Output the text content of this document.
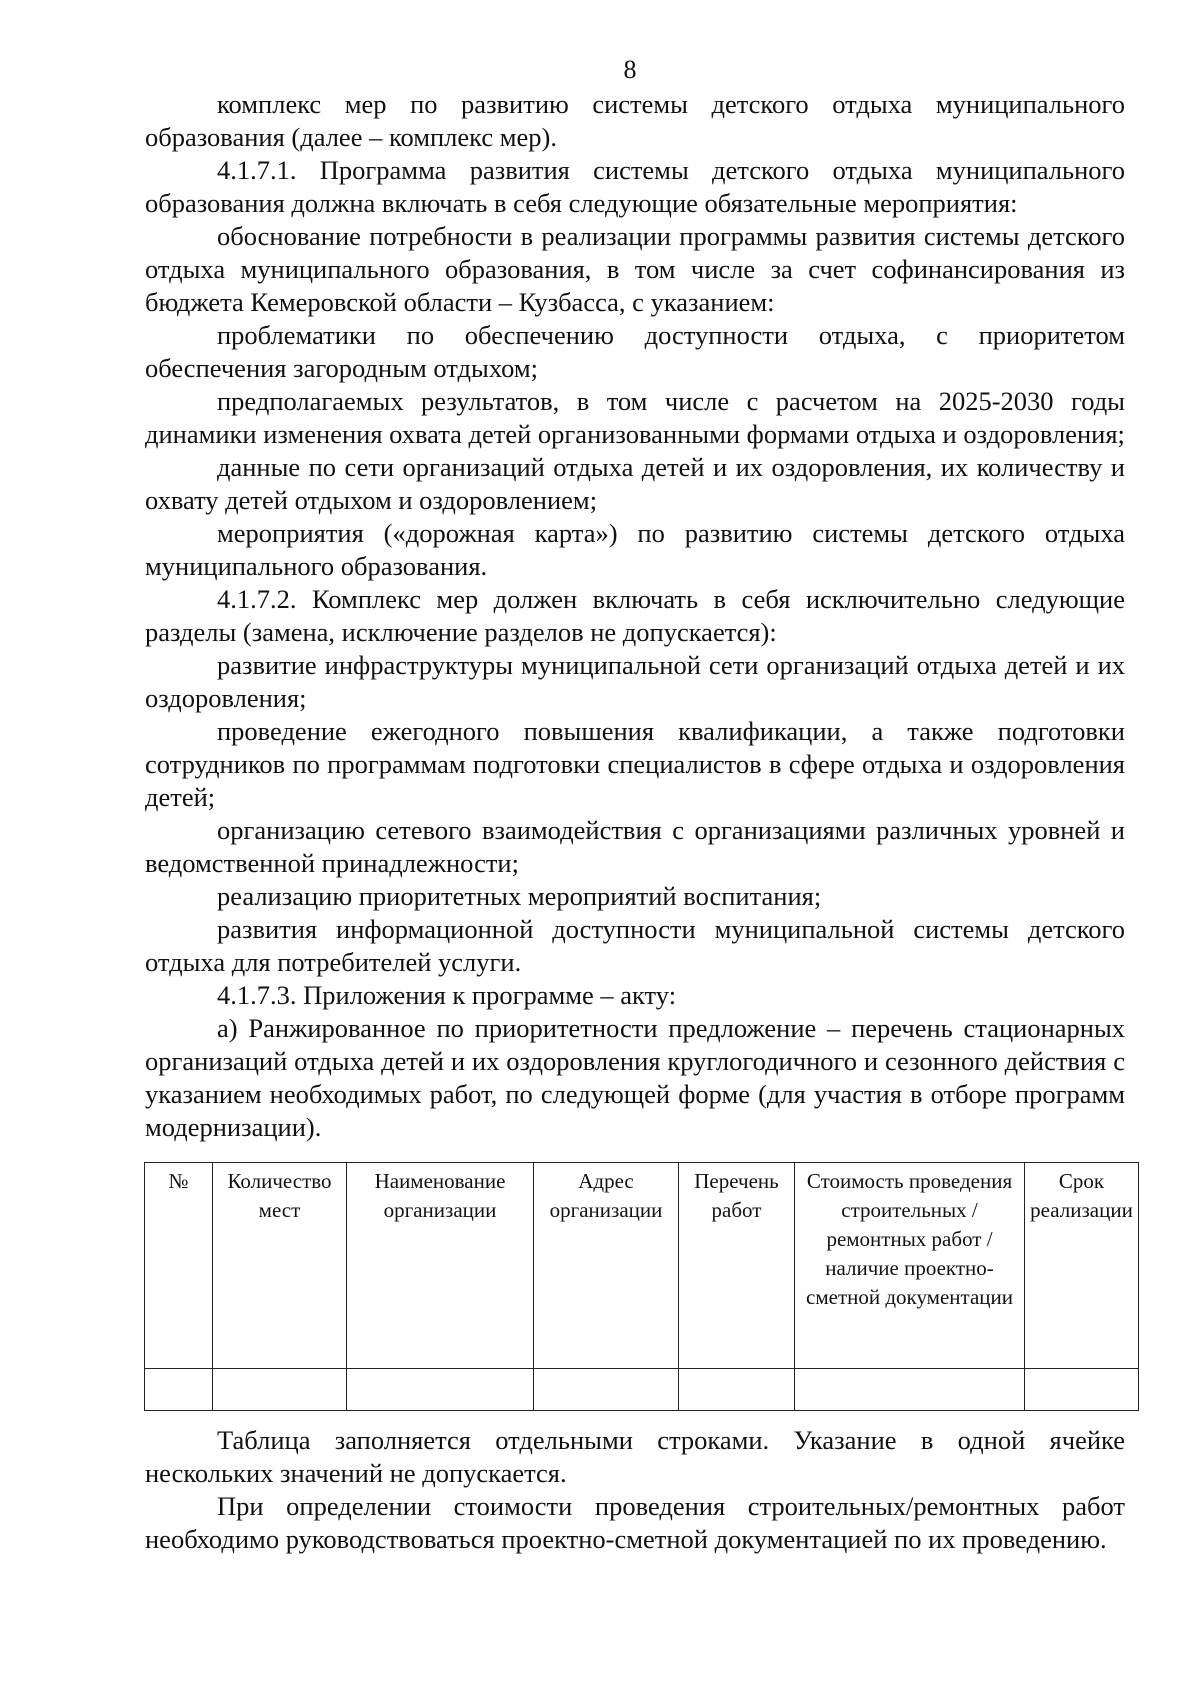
8

комплекс мер по развитию системы детского отдыха муниципального образования (далее – комплекс мер).

4.1.7.1. Программа развития системы детского отдыха муниципального образования должна включать в себя следующие обязательные мероприятия:

обоснование потребности в реализации программы развития системы детского отдыха муниципального образования, в том числе за счет софинансирования из бюджета Кемеровской области – Кузбасса, с указанием:

проблематики по обеспечению доступности отдыха, с приоритетом обеспечения загородным отдыхом;

предполагаемых результатов, в том числе с расчетом на 2025-2030 годы динамики изменения охвата детей организованными формами отдыха и оздоровления;

данные по сети организаций отдыха детей и их оздоровления, их количеству и охвату детей отдыхом и оздоровлением;

мероприятия («дорожная карта») по развитию системы детского отдыха муниципального образования.

4.1.7.2. Комплекс мер должен включать в себя исключительно следующие разделы (замена, исключение разделов не допускается):

развитие инфраструктуры муниципальной сети организаций отдыха детей и их оздоровления;

проведение ежегодного повышения квалификации, а также подготовки сотрудников по программам подготовки специалистов в сфере отдыха и оздоровления детей;

организацию сетевого взаимодействия с организациями различных уровней и ведомственной принадлежности;

реализацию приоритетных мероприятий воспитания;

развития информационной доступности муниципальной системы детского отдыха для потребителей услуги.

4.1.7.3. Приложения к программе – акту:

а) Ранжированное по приоритетности предложение – перечень стационарных организаций отдыха детей и их оздоровления круглогодичного и сезонного действия с указанием необходимых работ, по следующей форме (для участия в отборе программ модернизации).

№	Количество мест	Наименование организации	Адрес организации	Перечень работ	Стоимость проведения строительных / ремонтных работ / наличие проектно-сметной документации	Срок реализации

Таблица заполняется отдельными строками. Указание в одной ячейке нескольких значений не допускается.

При определении стоимости проведения строительных/ремонтных работ необходимо руководствоваться проектно-сметной документацией по их проведению.
